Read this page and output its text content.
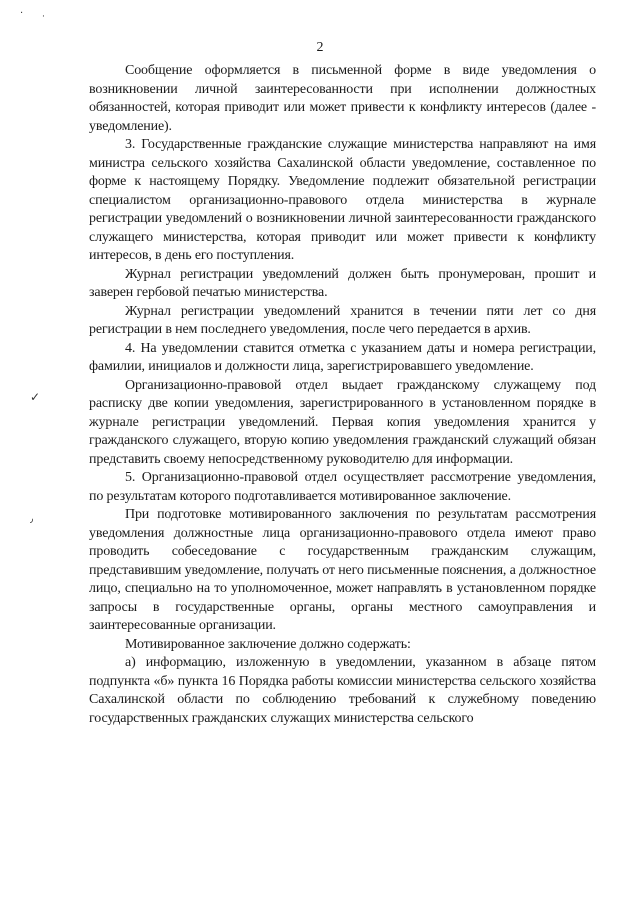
· ·
✓
٫
2

Сообщение оформляется в письменной форме в виде уведомления о возникновении личной заинтересованности при исполнении должностных обязанностей, которая приводит или может привести к конфликту интересов (далее - уведомление).

3. Государственные гражданские служащие министерства направляют на имя министра сельского хозяйства Сахалинской области уведомление, составленное по форме к настоящему Порядку. Уведомление подлежит обязательной регистрации специалистом организационно-правового отдела министерства в журнале регистрации уведомлений о возникновении личной заинтересованности гражданского служащего министерства, которая приводит или может привести к конфликту интересов, в день его поступления.

Журнал регистрации уведомлений должен быть пронумерован, прошит и заверен гербовой печатью министерства.

Журнал регистрации уведомлений хранится в течении пяти лет со дня регистрации в нем последнего уведомления, после чего передается в архив.

4. На уведомлении ставится отметка с указанием даты и номера регистрации, фамилии, инициалов и должности лица, зарегистрировавшего уведомление.

Организационно-правовой отдел выдает гражданскому служащему под расписку две копии уведомления, зарегистрированного в установленном порядке в журнале регистрации уведомлений. Первая копия уведомления хранится у гражданского служащего, вторую копию уведомления гражданский служащий обязан представить своему непосредственному руководителю для информации.

5. Организационно-правовой отдел осуществляет рассмотрение уведомления, по результатам которого подготавливается мотивированное заключение.

При подготовке мотивированного заключения по результатам рассмотрения уведомления должностные лица организационно-правового отдела имеют право проводить собеседование с государственным гражданским служащим, представившим уведомление, получать от него письменные пояснения, а должностное лицо, специально на то уполномоченное, может направлять в установленном порядке запросы в государственные органы, органы местного самоуправления и заинтересованные организации.

Мотивированное заключение должно содержать:

а) информацию, изложенную в уведомлении, указанном в абзаце пятом подпункта «б» пункта 16 Порядка работы комиссии министерства сельского хозяйства Сахалинской области по соблюдению требований к служебному поведению государственных гражданских служащих министерства сельского
